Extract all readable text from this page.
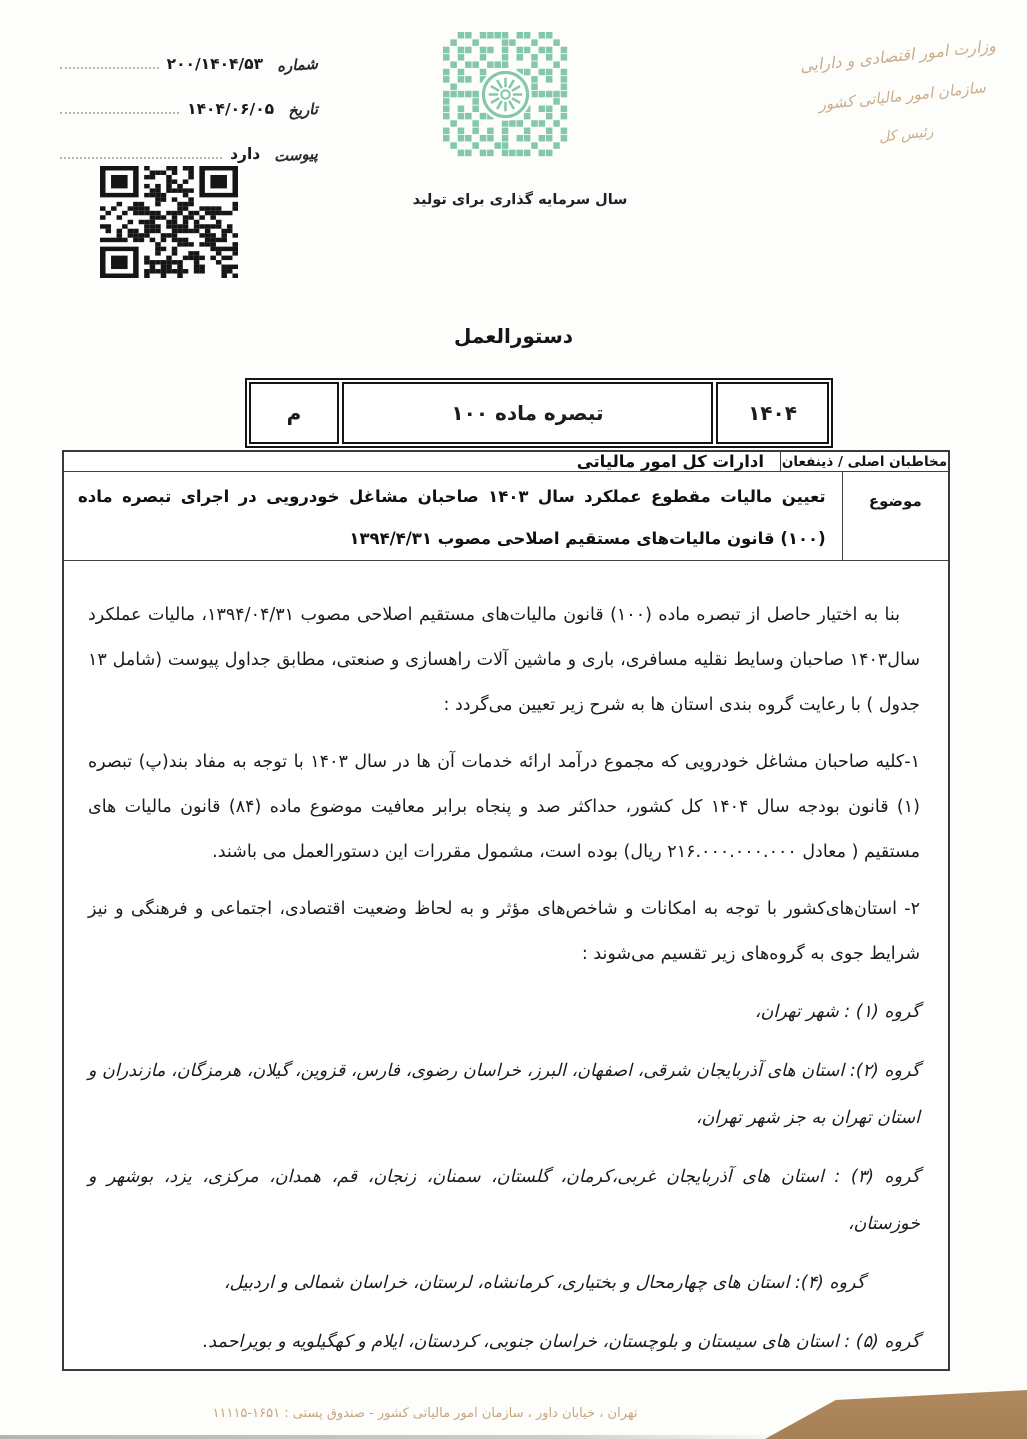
شماره
۲۰۰/۱۴۰۴/۵۳
تاریخ
۱۴۰۴/۰۶/۰۵
پیوست
دارد
سال سرمایه گذاری برای تولید
وزارت امور اقتصادی و دارایی
سازمان امور مالیاتی کشور
رئیس کل
دستورالعمل
۱۴۰۴
تبصره ماده ۱۰۰
م
مخاطبان اصلی / ذینفعان
ادارات کل امور مالیاتی
موضوع
تعیین مالیات مقطوع عملکرد سال ۱۴۰۳ صاحبان مشاغل خودرویی در اجرای تبصره ماده (۱۰۰) قانون مالیات‌های مستقیم اصلاحی مصوب ۱۳۹۴/۴/۳۱

بنا به اختیار حاصل از تبصره ماده (۱۰۰) قانون مالیات‌های مستقیم اصلاحی مصوب ۱۳۹۴/۰۴/۳۱، مالیات عملکرد سال۱۴۰۳ صاحبان وسایط نقلیه مسافری، باری و ماشین آلات راهسازی و صنعتی، مطابق جداول پیوست (شامل ۱۳ جدول ) با رعایت گروه بندی استان ها به شرح زیر تعیین می‌گردد :

۱-کلیه صاحبان مشاغل خودرویی که مجموع درآمد ارائه خدمات آن ها در سال ۱۴۰۳ با توجه به مفاد بند(پ) تبصره (۱) قانون بودجه سال ۱۴۰۴ کل کشور، حداکثر صد و پنجاه برابر معافیت موضوع ماده (۸۴) قانون مالیات های مستقیم ( معادل ۲۱۶.۰۰۰.۰۰۰.۰۰۰ ریال) بوده است، مشمول مقررات این دستورالعمل می باشند.

۲- استان‌های‌کشور با توجه به امکانات و شاخص‌های مؤثر و به لحاظ وضعیت اقتصادی، اجتماعی و فرهنگی و نیز شرایط جوی به گروه‌های زیر تقسیم می‌شوند :

گروه (۱) : شهر تهران،

گروه (۲): استان های آذربایجان شرقی، اصفهان، البرز، خراسان رضوی، فارس، قزوین، گیلان، هرمزگان، مازندران و استان تهران به جز شهر تهران،

گروه (۳) : استان های آذربایجان غربی،کرمان، گلستان، سمنان، زنجان، قم، همدان، مرکزی، یزد، بوشهر و خوزستان،

گروه (۴): استان های چهارمحال و بختیاری، کرمانشاه، لرستان، خراسان شمالی و اردبیل،

گروه (۵) : استان های سیستان و بلوچستان، خراسان جنوبی، کردستان، ایلام و کهگیلویه و بویراحمد.

تهران ، خیابان داور ، سازمان امور مالیاتی کشور - صندوق پستی : ۱۶۵۱-۱۱۱۱۵
